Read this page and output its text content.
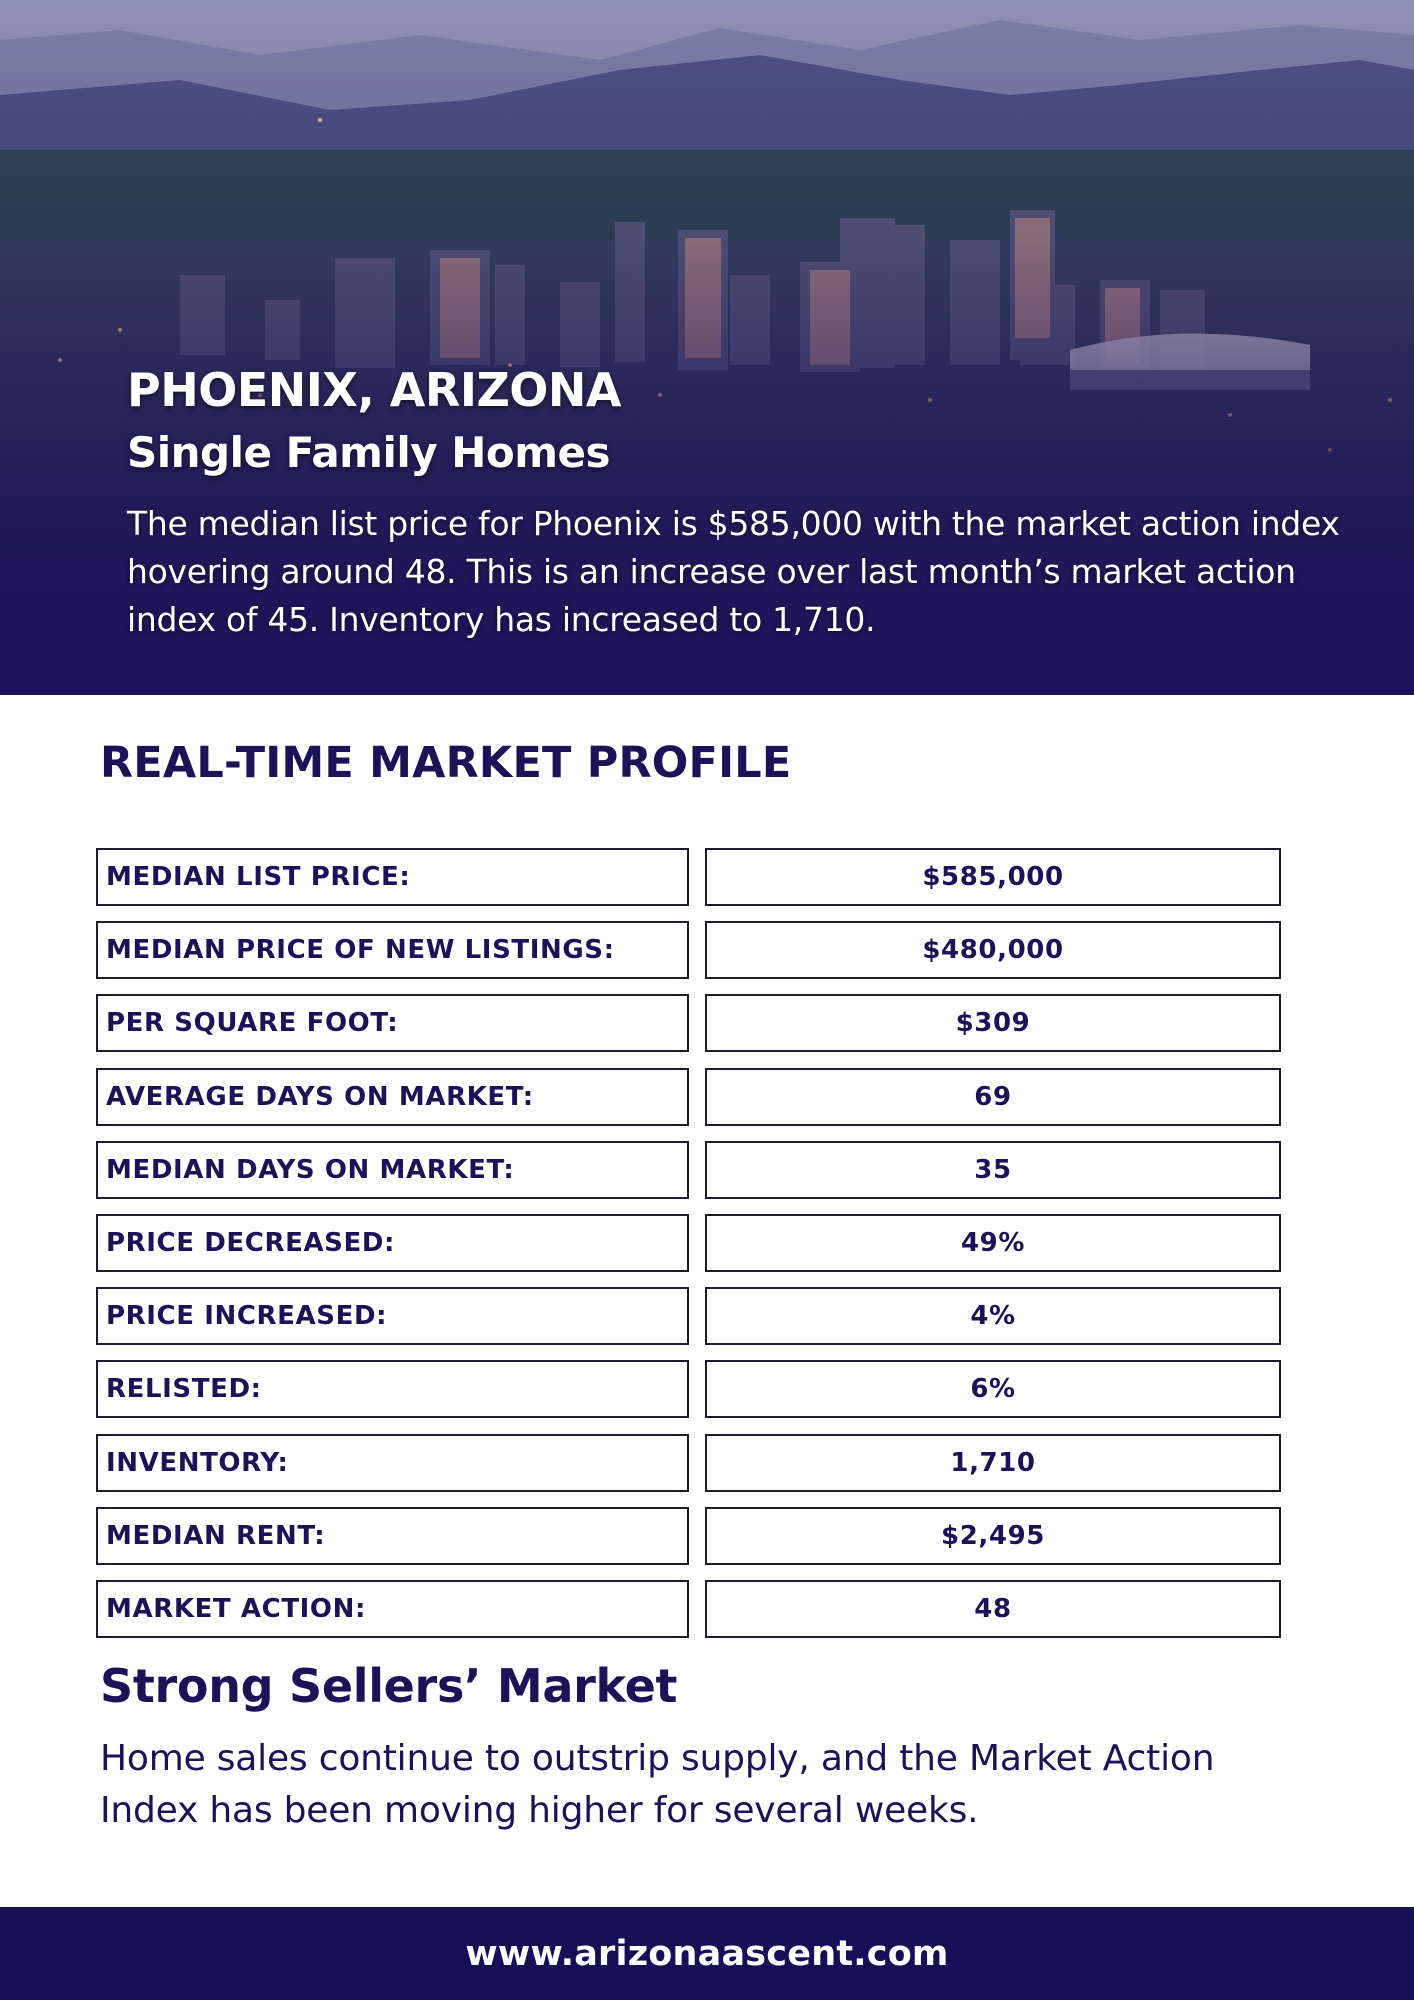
PHOENIX, ARIZONA
Single Family Homes

The median list price for Phoenix is $585,000 with the market action index hovering around 48. This is an increase over last month’s market action index of 45. Inventory has increased to 1,710.

REAL-TIME MARKET PROFILE
MEDIAN LIST PRICE:	$585,000
MEDIAN PRICE OF NEW LISTINGS:	$480,000
PER SQUARE FOOT:	$309
AVERAGE DAYS ON MARKET:	69
MEDIAN DAYS ON MARKET:	35
PRICE DECREASED:	49%
PRICE INCREASED:	4%
RELISTED:	6%
INVENTORY:	1,710
MEDIAN RENT:	$2,495
MARKET ACTION:	48
Strong Sellers’ Market

Home sales continue to outstrip supply, and the Market Action Index has been moving higher for several weeks.

www.arizonaascent.com
